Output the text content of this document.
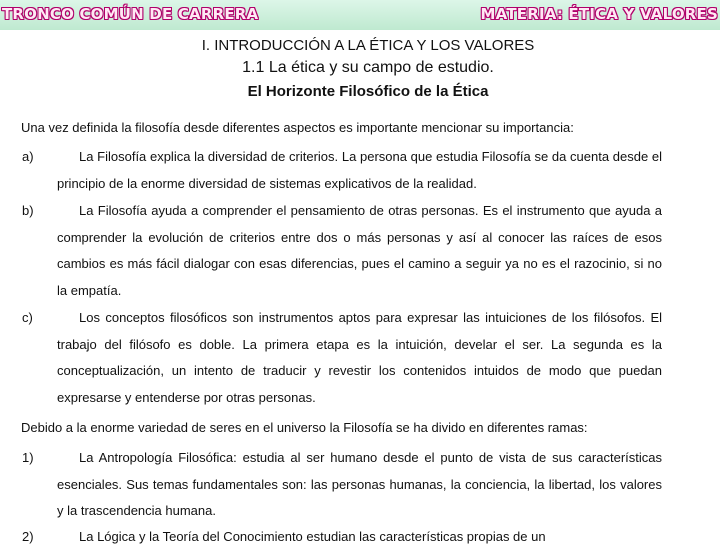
TRONCO COMÚN DE CARRERA	MATERIA: ÉTICA Y VALORES
I. INTRODUCCIÓN A LA ÉTICA Y LOS VALORES
1.1 La ética y su campo de estudio.
El Horizonte Filosófico de la Ética
Una vez definida la filosofía desde diferentes aspectos es importante mencionar su importancia:
a)	La Filosofía explica la diversidad de criterios. La persona que estudia Filosofía se da cuenta desde el principio de la enorme diversidad de sistemas explicativos de la realidad.
b)	La Filosofía ayuda a comprender el pensamiento de otras personas. Es el instrumento que ayuda a comprender la evolución de criterios entre dos o más personas y así al conocer las raíces de esos cambios es más fácil dialogar con esas diferencias, pues el camino a seguir ya no es el razocinio, si no la empatía.
c)	Los conceptos filosóficos son instrumentos aptos para expresar las intuiciones de los filósofos. El trabajo del filósofo es doble. La primera etapa es la intuición, develar el ser. La segunda es la conceptualización, un intento de traducir y revestir los contenidos intuidos de modo que puedan expresarse y entenderse por otras personas.
Debido a la enorme variedad de seres en el universo la Filosofía se ha divido en diferentes ramas:
1)	La Antropología Filosófica: estudia al ser humano desde el punto de vista de sus características esenciales. Sus temas fundamentales son: las personas humanas, la conciencia, la libertad, los valores y la trascendencia humana.
2)	La Lógica y la Teoría del Conocimiento estudian las características propias de un
